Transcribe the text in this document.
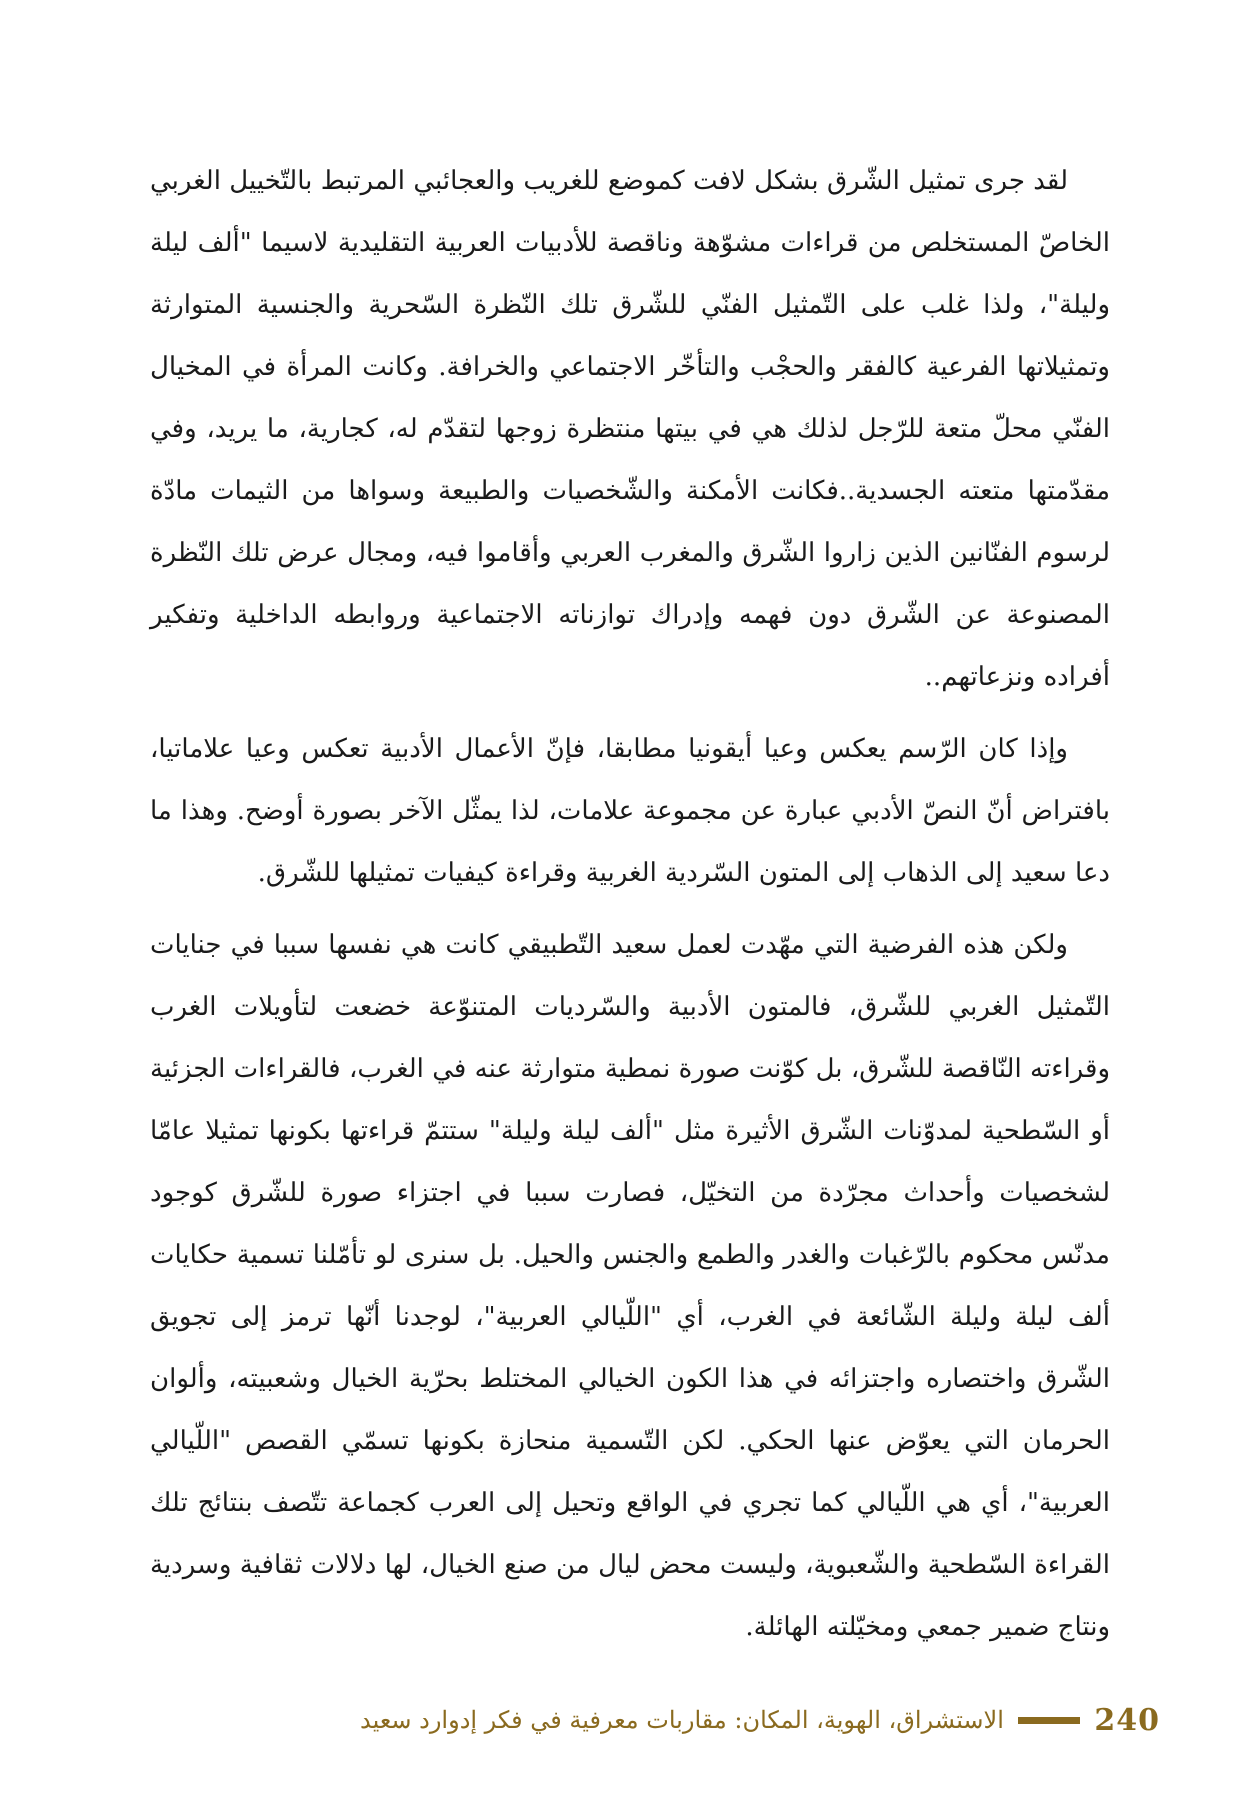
لقد جرى تمثيل الشّرق بشكل لافت كموضع للغريب والعجائبي المرتبط بالتّخييل الغربي الخاصّ المستخلص من قراءات مشوّهة وناقصة للأدبيات العربية التقليدية لاسيما "ألف ليلة وليلة"، ولذا غلب على التّمثيل الفنّي للشّرق تلك النّظرة السّحرية والجنسية المتوارثة وتمثيلاتها الفرعية كالفقر والحجْب والتأخّر الاجتماعي والخرافة. وكانت المرأة في المخيال الفنّي محلّ متعة للرّجل لذلك هي في بيتها منتظرة زوجها لتقدّم له، كجارية، ما يريد، وفي مقدّمتها متعته الجسدية..فكانت الأمكنة والشّخصيات والطبيعة وسواها من الثيمات مادّة لرسوم الفنّانين الذين زاروا الشّرق والمغرب العربي وأقاموا فيه، ومجال عرض تلك النّظرة المصنوعة عن الشّرق دون فهمه وإدراك توازناته الاجتماعية وروابطه الداخلية وتفكير أفراده ونزعاتهم..

وإذا كان الرّسم يعكس وعيا أيقونيا مطابقا، فإنّ الأعمال الأدبية تعكس وعيا علاماتيا، بافتراض أنّ النصّ الأدبي عبارة عن مجموعة علامات، لذا يمثّل الآخر بصورة أوضح. وهذا ما دعا سعيد إلى الذهاب إلى المتون السّردية الغربية وقراءة كيفيات تمثيلها للشّرق.

ولكن هذه الفرضية التي مهّدت لعمل سعيد التّطبيقي كانت هي نفسها سببا في جنايات التّمثيل الغربي للشّرق، فالمتون الأدبية والسّرديات المتنوّعة خضعت لتأويلات الغرب وقراءته النّاقصة للشّرق، بل كوّنت صورة نمطية متوارثة عنه في الغرب، فالقراءات الجزئية أو السّطحية لمدوّنات الشّرق الأثيرة مثل "ألف ليلة وليلة" ستتمّ قراءتها بكونها تمثيلا عامّا لشخصيات وأحداث مجرّدة من التخيّل، فصارت سببا في اجتزاء صورة للشّرق كوجود مدنّس محكوم بالرّغبات والغدر والطمع والجنس والحيل. بل سنرى لو تأمّلنا تسمية حكايات ألف ليلة وليلة الشّائعة في الغرب، أي "اللّيالي العربية"، لوجدنا أنّها ترمز إلى تجويق الشّرق واختصاره واجتزائه في هذا الكون الخيالي المختلط بحرّية الخيال وشعبيته، وألوان الحرمان التي يعوّض عنها الحكي. لكن التّسمية منحازة بكونها تسمّي القصص "اللّيالي العربية"، أي هي اللّيالي كما تجري في الواقع وتحيل إلى العرب كجماعة تتّصف بنتائج تلك القراءة السّطحية والشّعبوية، وليست محض ليال من صنع الخيال، لها دلالات ثقافية وسردية ونتاج ضمير جمعي ومخيّلته الهائلة.

240
الاستشراق، الهوية، المكان: مقاربات معرفية في فكر إدوارد سعيد
